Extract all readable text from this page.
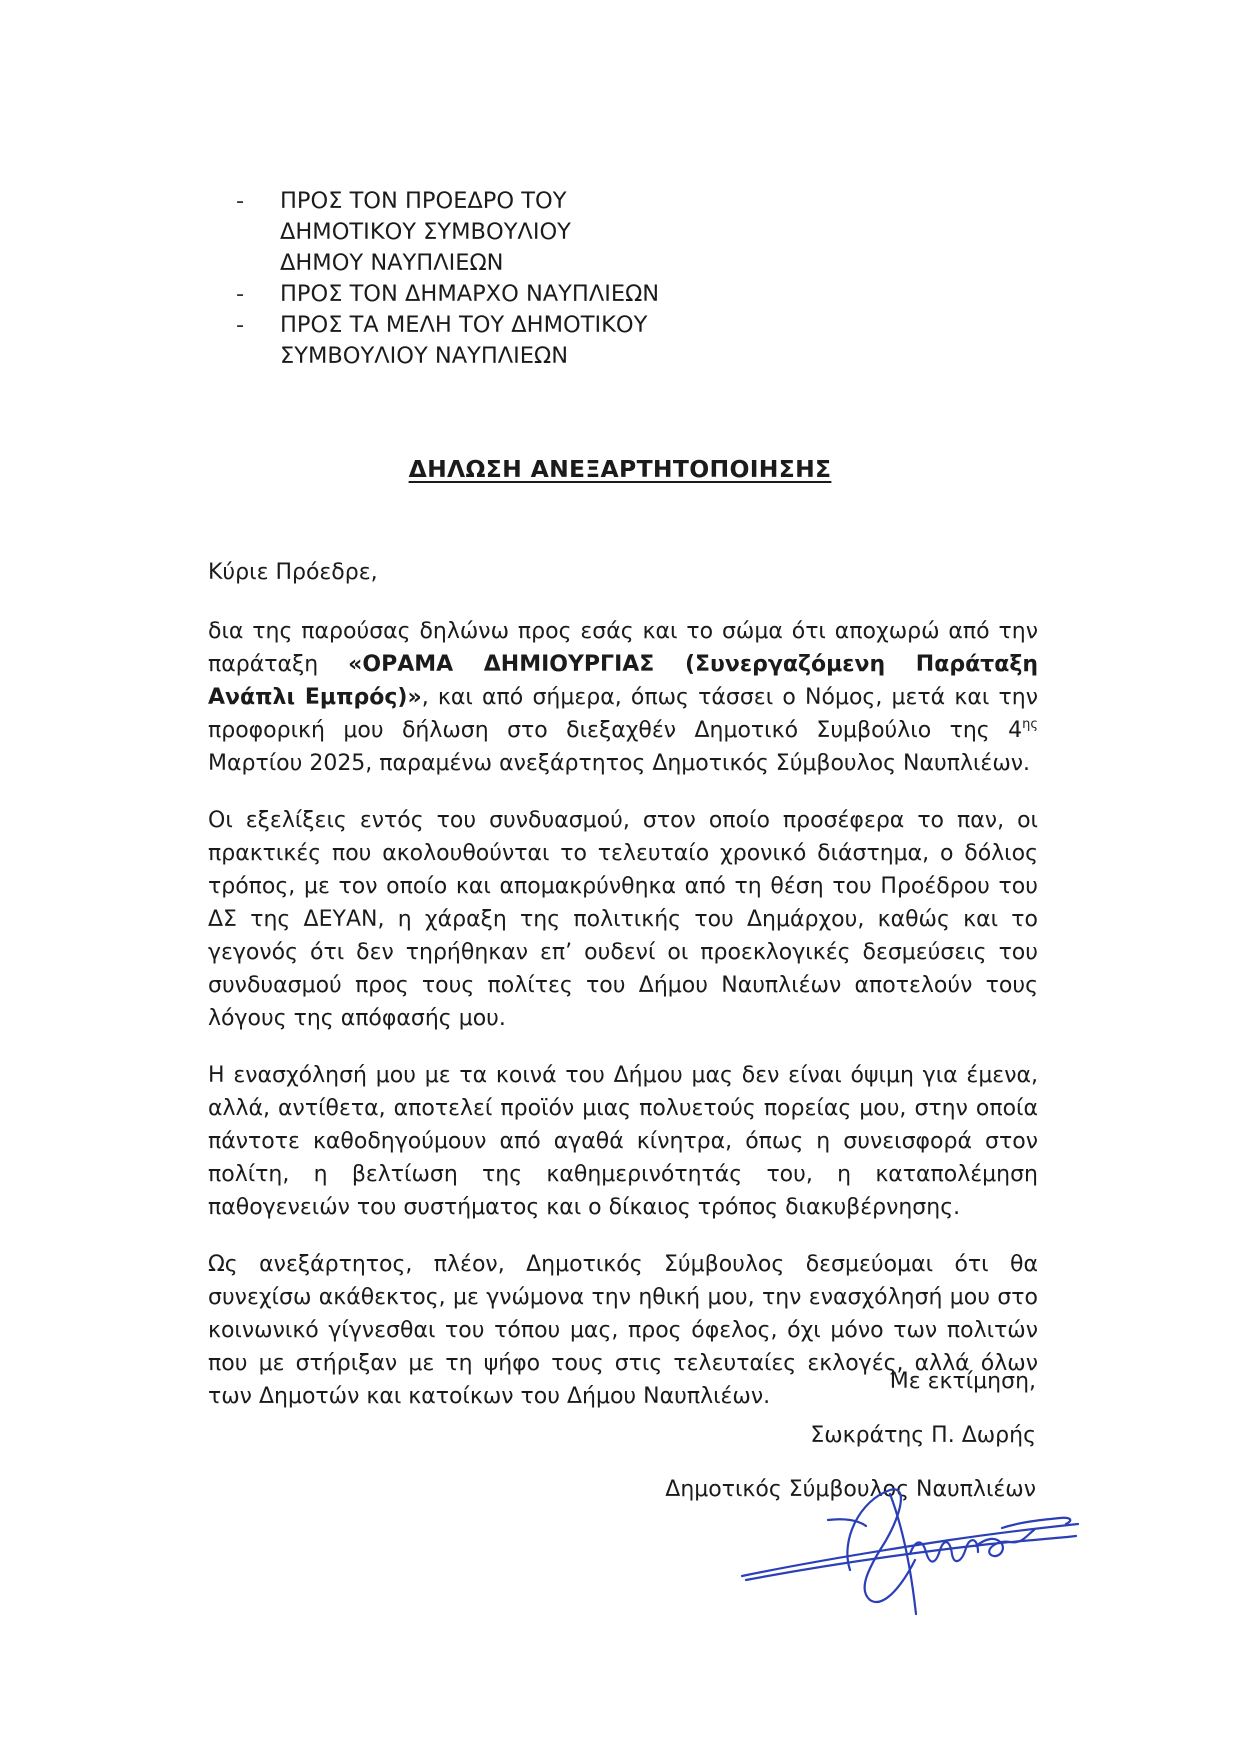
- ΠΡΟΣ ΤΟΝ ΠΡΟΕΔΡΟ ΤΟΥ
ΔΗΜΟΤΙΚΟΥ ΣΥΜΒΟΥΛΙΟΥ
ΔΗΜΟΥ ΝΑΥΠΛΙΕΩΝ
- ΠΡΟΣ ΤΟΝ ΔΗΜΑΡΧΟ ΝΑΥΠΛΙΕΩΝ
- ΠΡΟΣ ΤΑ ΜΕΛΗ ΤΟΥ ΔΗΜΟΤΙΚΟΥ
ΣΥΜΒΟΥΛΙΟΥ ΝΑΥΠΛΙΕΩΝ
ΔΗΛΩΣΗ ΑΝΕΞΑΡΤΗΤΟΠΟΙΗΣΗΣ

Κύριε Πρόεδρε,

δια της παρούσας δηλώνω προς εσάς και το σώμα ότι αποχωρώ από την παράταξη «ΟΡΑΜΑ ΔΗΜΙΟΥΡΓΙΑΣ (Συνεργαζόμενη Παράταξη Ανάπλι Εμπρός)», και από σήμερα, όπως τάσσει ο Νόμος, μετά και την προφορική μου δήλωση στο διεξαχθέν Δημοτικό Συμβούλιο της $4^{\eta\varsigma}$ Μαρτίου 2025, παραμένω ανεξάρτητος Δημοτικός Σύμβουλος Ναυπλιέων.

Οι εξελίξεις εντός του συνδυασμού, στον οποίο προσέφερα το παν, οι πρακτικές που ακολουθούνται το τελευταίο χρονικό διάστημα, ο δόλιος τρόπος, με τον οποίο και απομακρύνθηκα από τη θέση του Προέδρου του ΔΣ της ΔΕΥΑΝ, η χάραξη της πολιτικής του Δημάρχου, καθώς και το γεγονός ότι δεν τηρήθηκαν επ’ ουδενί οι προεκλογικές δεσμεύσεις του συνδυασμού προς τους πολίτες του Δήμου Ναυπλιέων αποτελούν τους λόγους της απόφασής μου.

Η ενασχόλησή μου με τα κοινά του Δήμου μας δεν είναι όψιμη για έμενα, αλλά, αντίθετα, αποτελεί προϊόν μιας πολυετούς πορείας μου, στην οποία πάντοτε καθοδηγούμουν από αγαθά κίνητρα, όπως η συνεισφορά στον πολίτη, η βελτίωση της καθημερινότητάς του, η καταπολέμηση παθογενειών του συστήματος και ο δίκαιος τρόπος διακυβέρνησης.

Ως ανεξάρτητος, πλέον, Δημοτικός Σύμβουλος δεσμεύομαι ότι θα συνεχίσω ακάθεκτος, με γνώμονα την ηθική μου, την ενασχόλησή μου στο κοινωνικό γίγνεσθαι του τόπου μας, προς όφελος, όχι μόνο των πολιτών που με στήριξαν με τη ψήφο τους στις τελευταίες εκλογές, αλλά όλων των Δημοτών και κατοίκων του Δήμου Ναυπλιέων.

Με εκτίμηση,
Σωκράτης Π. Δωρής
Δημοτικός Σύμβουλος Ναυπλιέων
